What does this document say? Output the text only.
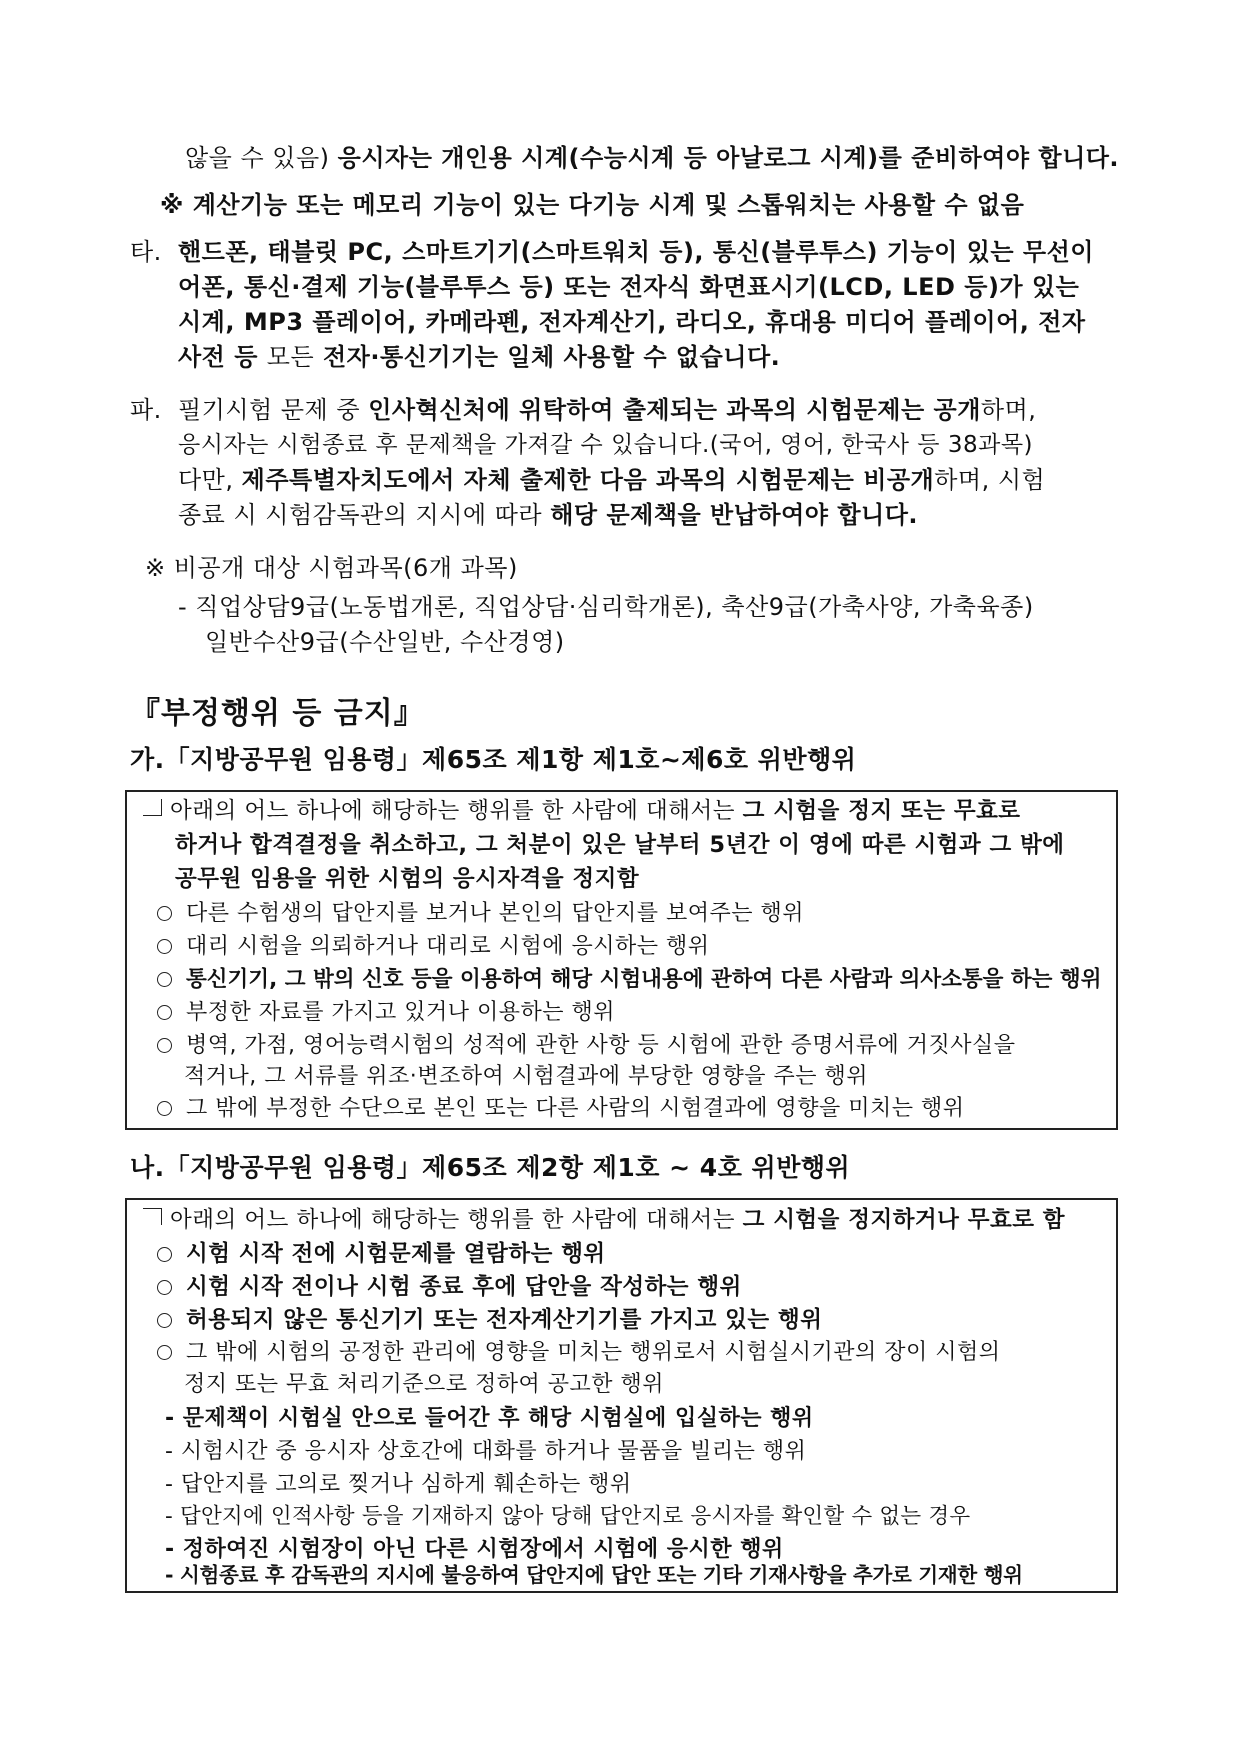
않을 수 있음) 응시자는 개인용 시계(수능시계 등 아날로그 시계)를 준비하여야 합니다.
※ 계산기능 또는 메모리 기능이 있는 다기능 시계 및 스톱워치는 사용할 수 없음
타. 핸드폰, 태블릿 PC, 스마트기기(스마트워치 등), 통신(블루투스) 기능이 있는 무선이
어폰, 통신·결제 기능(블루투스 등) 또는 전자식 화면표시기(LCD, LED 등)가 있는
시계, MP3 플레이어, 카메라펜, 전자계산기, 라디오, 휴대용 미디어 플레이어, 전자
사전 등 모든 전자·통신기기는 일체 사용할 수 없습니다.
파. 필기시험 문제 중 인사혁신처에 위탁하여 출제되는 과목의 시험문제는 공개하며,
응시자는 시험종료 후 문제책을 가져갈 수 있습니다.(국어, 영어, 한국사 등 38과목)
다만, 제주특별자치도에서 자체 출제한 다음 과목의 시험문제는 비공개하며, 시험
종료 시 시험감독관의 지시에 따라 해당 문제책을 반납하여야 합니다.
※ 비공개 대상 시험과목(6개 과목)
- 직업상담9급(노동법개론, 직업상담·심리학개론), 축산9급(가축사양, 가축육종)
일반수산9급(수산일반, 수산경영)
『부정행위 등 금지』
가.「지방공무원 임용령」제65조 제1항 제1호~제6호 위반행위
아래의 어느 하나에 해당하는 행위를 한 사람에 대해서는 그 시험을 정지 또는 무효로
하거나 합격결정을 취소하고, 그 처분이 있은 날부터 5년간 이 영에 따른 시험과 그 밖에
공무원 임용을 위한 시험의 응시자격을 정지함
다른 수험생의 답안지를 보거나 본인의 답안지를 보여주는 행위
대리 시험을 의뢰하거나 대리로 시험에 응시하는 행위
통신기기, 그 밖의 신호 등을 이용하여 해당 시험내용에 관하여 다른 사람과 의사소통을 하는 행위
부정한 자료를 가지고 있거나 이용하는 행위
병역, 가점, 영어능력시험의 성적에 관한 사항 등 시험에 관한 증명서류에 거짓사실을
적거나, 그 서류를 위조·변조하여 시험결과에 부당한 영향을 주는 행위
그 밖에 부정한 수단으로 본인 또는 다른 사람의 시험결과에 영향을 미치는 행위
나.「지방공무원 임용령」제65조 제2항 제1호 ~ 4호 위반행위
아래의 어느 하나에 해당하는 행위를 한 사람에 대해서는 그 시험을 정지하거나 무효로 함
시험 시작 전에 시험문제를 열람하는 행위
시험 시작 전이나 시험 종료 후에 답안을 작성하는 행위
허용되지 않은 통신기기 또는 전자계산기기를 가지고 있는 행위
그 밖에 시험의 공정한 관리에 영향을 미치는 행위로서 시험실시기관의 장이 시험의
정지 또는 무효 처리기준으로 정하여 공고한 행위
- 문제책이 시험실 안으로 들어간 후 해당 시험실에 입실하는 행위
- 시험시간 중 응시자 상호간에 대화를 하거나 물품을 빌리는 행위
- 답안지를 고의로 찢거나 심하게 훼손하는 행위
- 답안지에 인적사항 등을 기재하지 않아 당해 답안지로 응시자를 확인할 수 없는 경우
- 정하여진 시험장이 아닌 다른 시험장에서 시험에 응시한 행위
- 시험종료 후 감독관의 지시에 불응하여 답안지에 답안 또는 기타 기재사항을 추가로 기재한 행위
